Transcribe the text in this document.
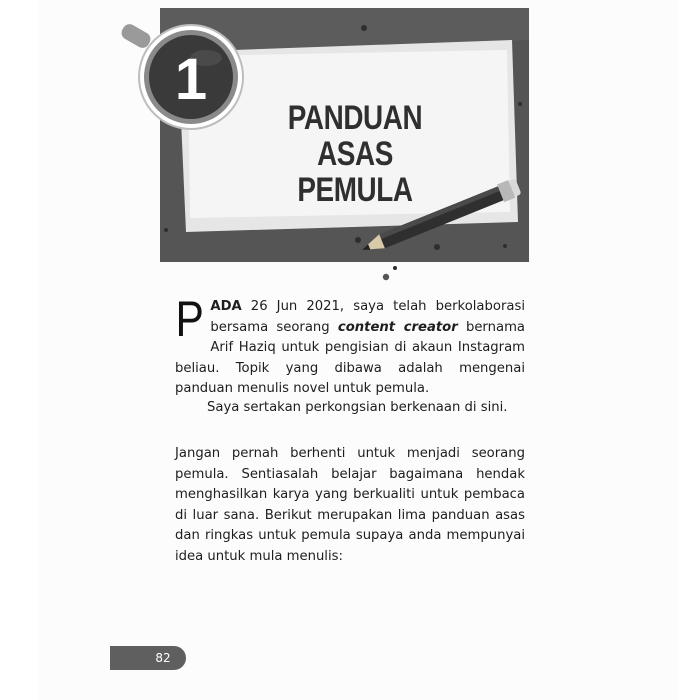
1
PANDUAN ASAS
PEMULA
PADA 26 Jun 2021, saya telah berkolaborasi bersama seorang content creator bernama Arif Haziq untuk pengisian di akaun Instagram beliau. Topik yang dibawa adalah mengenai panduan menulis novel untuk pemula.
Saya sertakan perkongsian berkenaan di sini.
Jangan pernah berhenti untuk menjadi seorang pemula. Sentiasalah belajar bagaimana hendak menghasilkan karya yang berkualiti untuk pembaca di luar sana. Berikut merupakan lima panduan asas dan ringkas untuk pemula supaya anda mempunyai idea untuk mula menulis:
82
